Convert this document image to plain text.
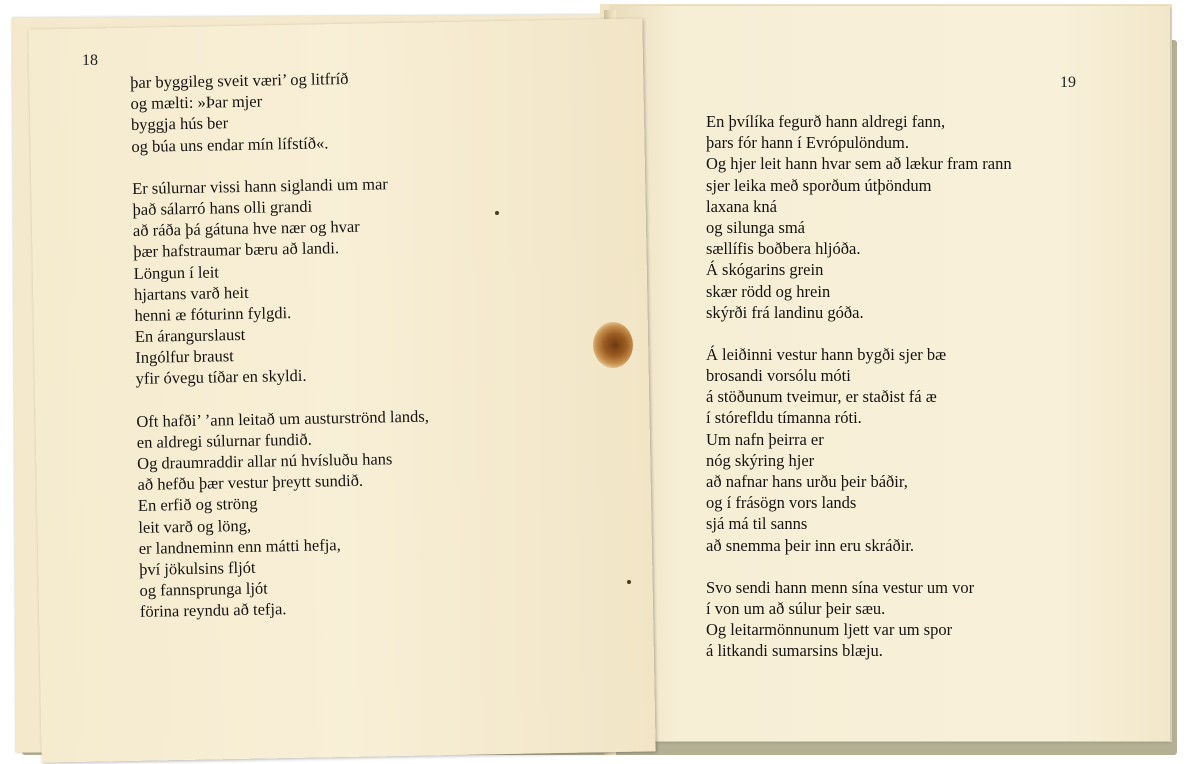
18
19
þar byggileg sveit væri’ og litfríð
og mælti: »Þar mjer
byggja hús ber
og búa uns endar mín lífstíð«.
Er súlurnar vissi hann siglandi um mar
það sálarró hans olli grandi
að ráða þá gátuna hve nær og hvar
þær hafstraumar bæru að landi.
Löngun í leit
hjartans varð heit
henni æ fóturinn fylgdi.
En árangurslaust
Ingólfur braust
yfir óvegu tíðar en skyldi.
Oft hafði’ ’ann leitað um austurströnd lands,
en aldregi súlurnar fundið.
Og draumraddir allar nú hvísluðu hans
að hefðu þær vestur þreytt sundið.
En erfið og ströng
leit varð og löng,
er landneminn enn mátti hefja,
því jökulsins fljót
og fannsprunga ljót
förina reyndu að tefja.
En þvílíka fegurð hann aldregi fann,
þars fór hann í Evrópulöndum.
Og hjer leit hann hvar sem að lækur fram rann
sjer leika með sporðum útþöndum
laxana kná
og silunga smá
sællífis boðbera hljóða.
Á skógarins grein
skær rödd og hrein
skýrði frá landinu góða.
Á leiðinni vestur hann bygði sjer bæ
brosandi vorsólu móti
á stöðunum tveimur, er staðist fá æ
í stórefldu tímanna róti.
Um nafn þeirra er
nóg skýring hjer
að nafnar hans urðu þeir báðir,
og í frásögn vors lands
sjá má til sanns
að snemma þeir inn eru skráðir.
Svo sendi hann menn sína vestur um vor
í von um að súlur þeir sæu.
Og leitarmönnunum ljett var um spor
á litkandi sumarsins blæju.
